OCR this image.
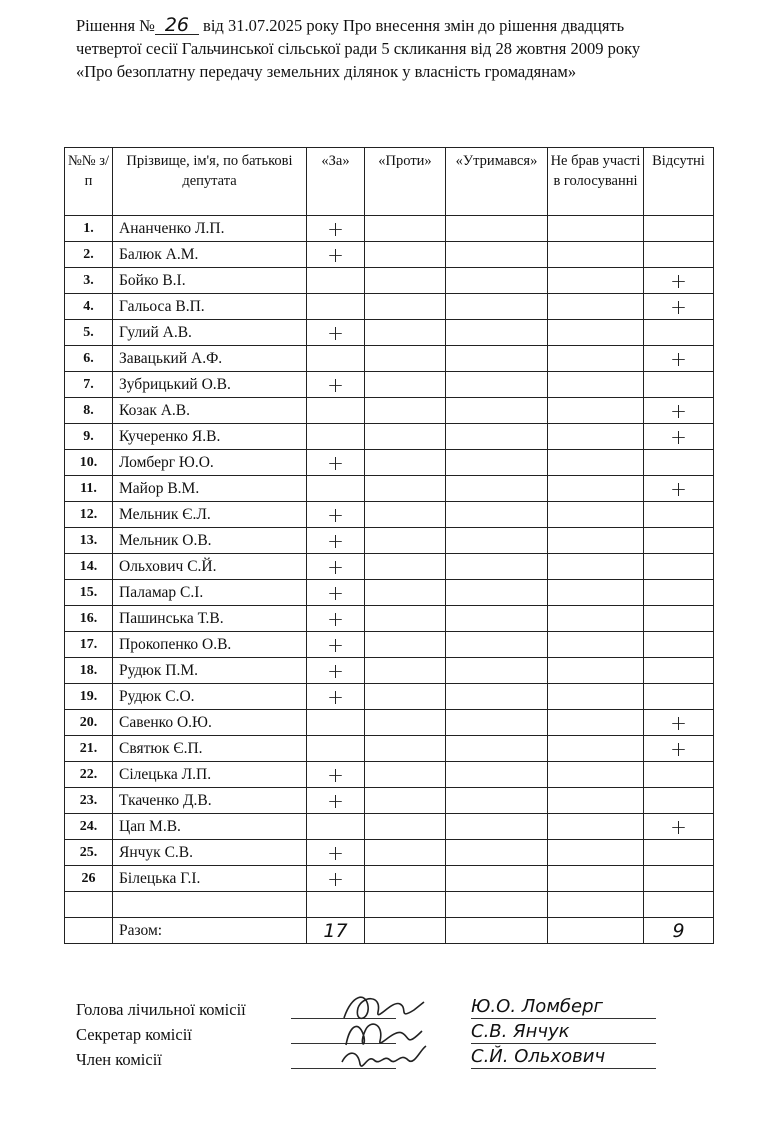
Рішення № 26 від 31.07.2025 року Про внесення змін до рішення двадцять
четвертої сесії Гальчинської сільської ради 5 скликання від 28 жовтня 2009 року
«Про безоплатну передачу земельних ділянок у власність громадянам»
№№ з/п	Прізвище, ім'я, по батькові депутата	«За»	«Проти»	«Утримався»	Не брав участі в голосуванні	Відсутні
1.	Ананченко Л.П.	+				
2.	Балюк А.М.	+				
3.	Бойко В.І.					+
4.	Гальоса В.П.					+
5.	Гулий А.В.	+				
6.	Завацький А.Ф.					+
7.	Зубрицький О.В.	+				
8.	Козак А.В.					+
9.	Кучеренко Я.В.					+
10.	Ломберг Ю.О.	+				
11.	Майор В.М.					+
12.	Мельник Є.Л.	+				
13.	Мельник О.В.	+				
14.	Ольхович С.Й.	+				
15.	Паламар С.І.	+				
16.	Пашинська Т.В.	+				
17.	Прокопенко О.В.	+				
18.	Рудюк П.М.	+				
19.	Рудюк С.О.	+				
20.	Савенко О.Ю.					+
21.	Святюк Є.П.					+
22.	Сілецька Л.П.	+				
23.	Ткаченко Д.В.	+				
24.	Цап М.В.					+
25.	Янчук С.В.	+				
26	Білецька Г.І.	+				

	Разом:	17				9
Голова лічильної комісії	Ю.О. Ломберг
Секретар комісії	С.В. Янчук
Член комісії	С.Й. Ольхович
